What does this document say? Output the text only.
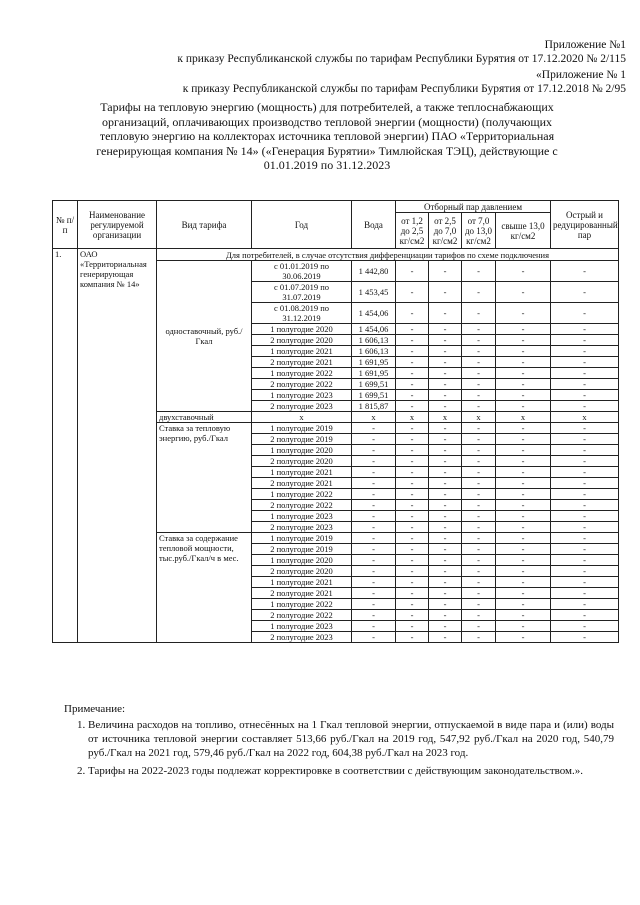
Приложение №1
к приказу Республиканской службы по тарифам Республики Бурятия от 17.12.2020 № 2/115
«Приложение № 1
к приказу Республиканской службы по тарифам Республики Бурятия от 17.12.2018 № 2/95
Тарифы на тепловую энергию (мощность) для потребителей, а также теплоснабжающих организаций, оплачивающих производство тепловой энергии (мощности) (получающих тепловую энергию на коллекторах источника тепловой энергии) ПАО «Территориальная генерирующая компания № 14» («Генерация Бурятии» Тимлюйская ТЭЦ), действующие с 01.01.2019 по 31.12.2023
№ п/п	Наименование регулируемой организации	Вид тарифа	Год	Вода	Отборный пар давлением				Острый и редуцированный пар
					от 1,2 до 2,5 кг/см2	от 2,5 до 7,0 кг/см2	от 7,0 до 13,0 кг/см2	свыше 13,0 кг/см2	
1.	ОАО «Территориальная генерирующая компания № 14»	Для потребителей, в случае отсутствия дифференциации тарифов по схеме подключения							
		одноставочный, руб./Гкал	с 01.01.2019 по 30.06.2019	1 442,80	-	-	-	-	-
			с 01.07.2019 по 31.07.2019	1 453,45	-	-	-	-	-
			с 01.08.2019 по 31.12.2019	1 454,06	-	-	-	-	-
			1 полугодие 2020	1 454,06	-	-	-	-	-
			2 полугодие 2020	1 606,13	-	-	-	-	-
			1 полугодие 2021	1 606,13	-	-	-	-	-
			2 полугодие 2021	1 691,95	-	-	-	-	-
			1 полугодие 2022	1 691,95	-	-	-	-	-
			2 полугодие 2022	1 699,51	-	-	-	-	-
			1 полугодие 2023	1 699,51	-	-	-	-	-
			2 полугодие 2023	1 815,87	-	-	-	-	-
		двухставочный	х	х	х	х	х	х	х
		Ставка за тепловую энергию, руб./Гкал	1 полугодие 2019	-	-	-	-	-	-
			2 полугодие 2019	-	-	-	-	-	-
			1 полугодие 2020	-	-	-	-	-	-
			2 полугодие 2020	-	-	-	-	-	-
			1 полугодие 2021	-	-	-	-	-	-
			2 полугодие 2021	-	-	-	-	-	-
			1 полугодие 2022	-	-	-	-	-	-
			2 полугодие 2022	-	-	-	-	-	-
			1 полугодие 2023	-	-	-	-	-	-
			2 полугодие 2023	-	-	-	-	-	-
		Ставка за содержание тепловой мощности, тыс.руб./Гкал/ч в мес.	1 полугодие 2019	-	-	-	-	-	-
			2 полугодие 2019	-	-	-	-	-	-
			1 полугодие 2020	-	-	-	-	-	-
			2 полугодие 2020	-	-	-	-	-	-
			1 полугодие 2021	-	-	-	-	-	-
			2 полугодие 2021	-	-	-	-	-	-
			1 полугодие 2022	-	-	-	-	-	-
			2 полугодие 2022	-	-	-	-	-	-
			1 полугодие 2023	-	-	-	-	-	-
			2 полугодие 2023	-	-	-	-	-	-
Примечание:
1. Величина расходов на топливо, отнесённых на 1 Гкал тепловой энергии, отпускаемой в виде пара и (или) воды от источника тепловой энергии составляет 513,66 руб./Гкал на 2019 год, 547,92 руб./Гкал на 2020 год, 540,79 руб./Гкал на 2021 год, 579,46 руб./Гкал на 2022 год, 604,38 руб./Гкал на 2023 год.
2. Тарифы на 2022-2023 годы подлежат корректировке в соответствии с действующим законодательством.».
